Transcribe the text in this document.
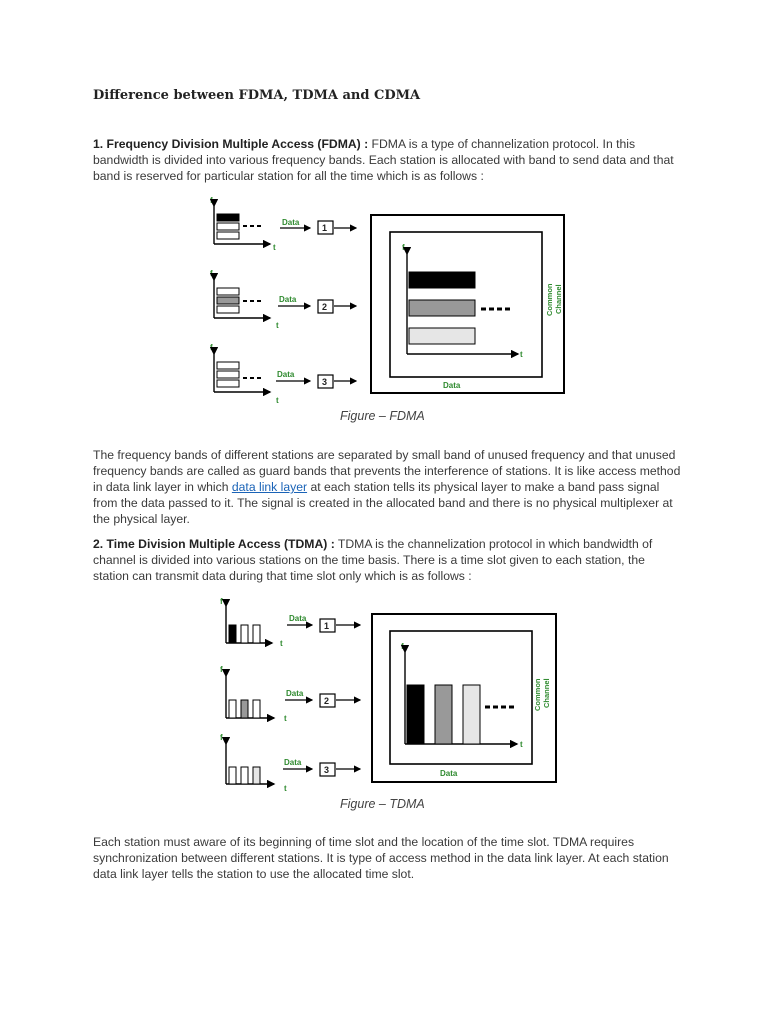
Difference between FDMA, TDMA and CDMA
1. Frequency Division Multiple Access (FDMA) : FDMA is a type of channelization protocol. In this bandwidth is divided into various frequency bands. Each station is allocated with band to send data and that band is reserved for particular station for all the time which is as follows :
f
t
Data
1
f
t
Data
2
f
t
Data
3
f
t
Data
Common Channel
Figure – FDMA
The frequency bands of different stations are separated by small band of unused frequency and that unused frequency bands are called as guard bands that prevents the interference of stations. It is like access method in data link layer in which data link layer at each station tells its physical layer to make a band pass signal from the data passed to it. The signal is created in the allocated band and there is no physical multiplexer at the physical layer.
2. Time Division Multiple Access (TDMA) : TDMA is the channelization protocol in which bandwidth of channel is divided into various stations on the time basis. There is a time slot given to each station, the station can transmit data during that time slot only which is as follows :
f
t
Data
1
f
t
Data
2
f
t
Data
3
f
t
Data
Common Channel
Figure – TDMA
Each station must aware of its beginning of time slot and the location of the time slot. TDMA requires synchronization between different stations. It is type of access method in the data link layer. At each station data link layer tells the station to use the allocated time slot.
